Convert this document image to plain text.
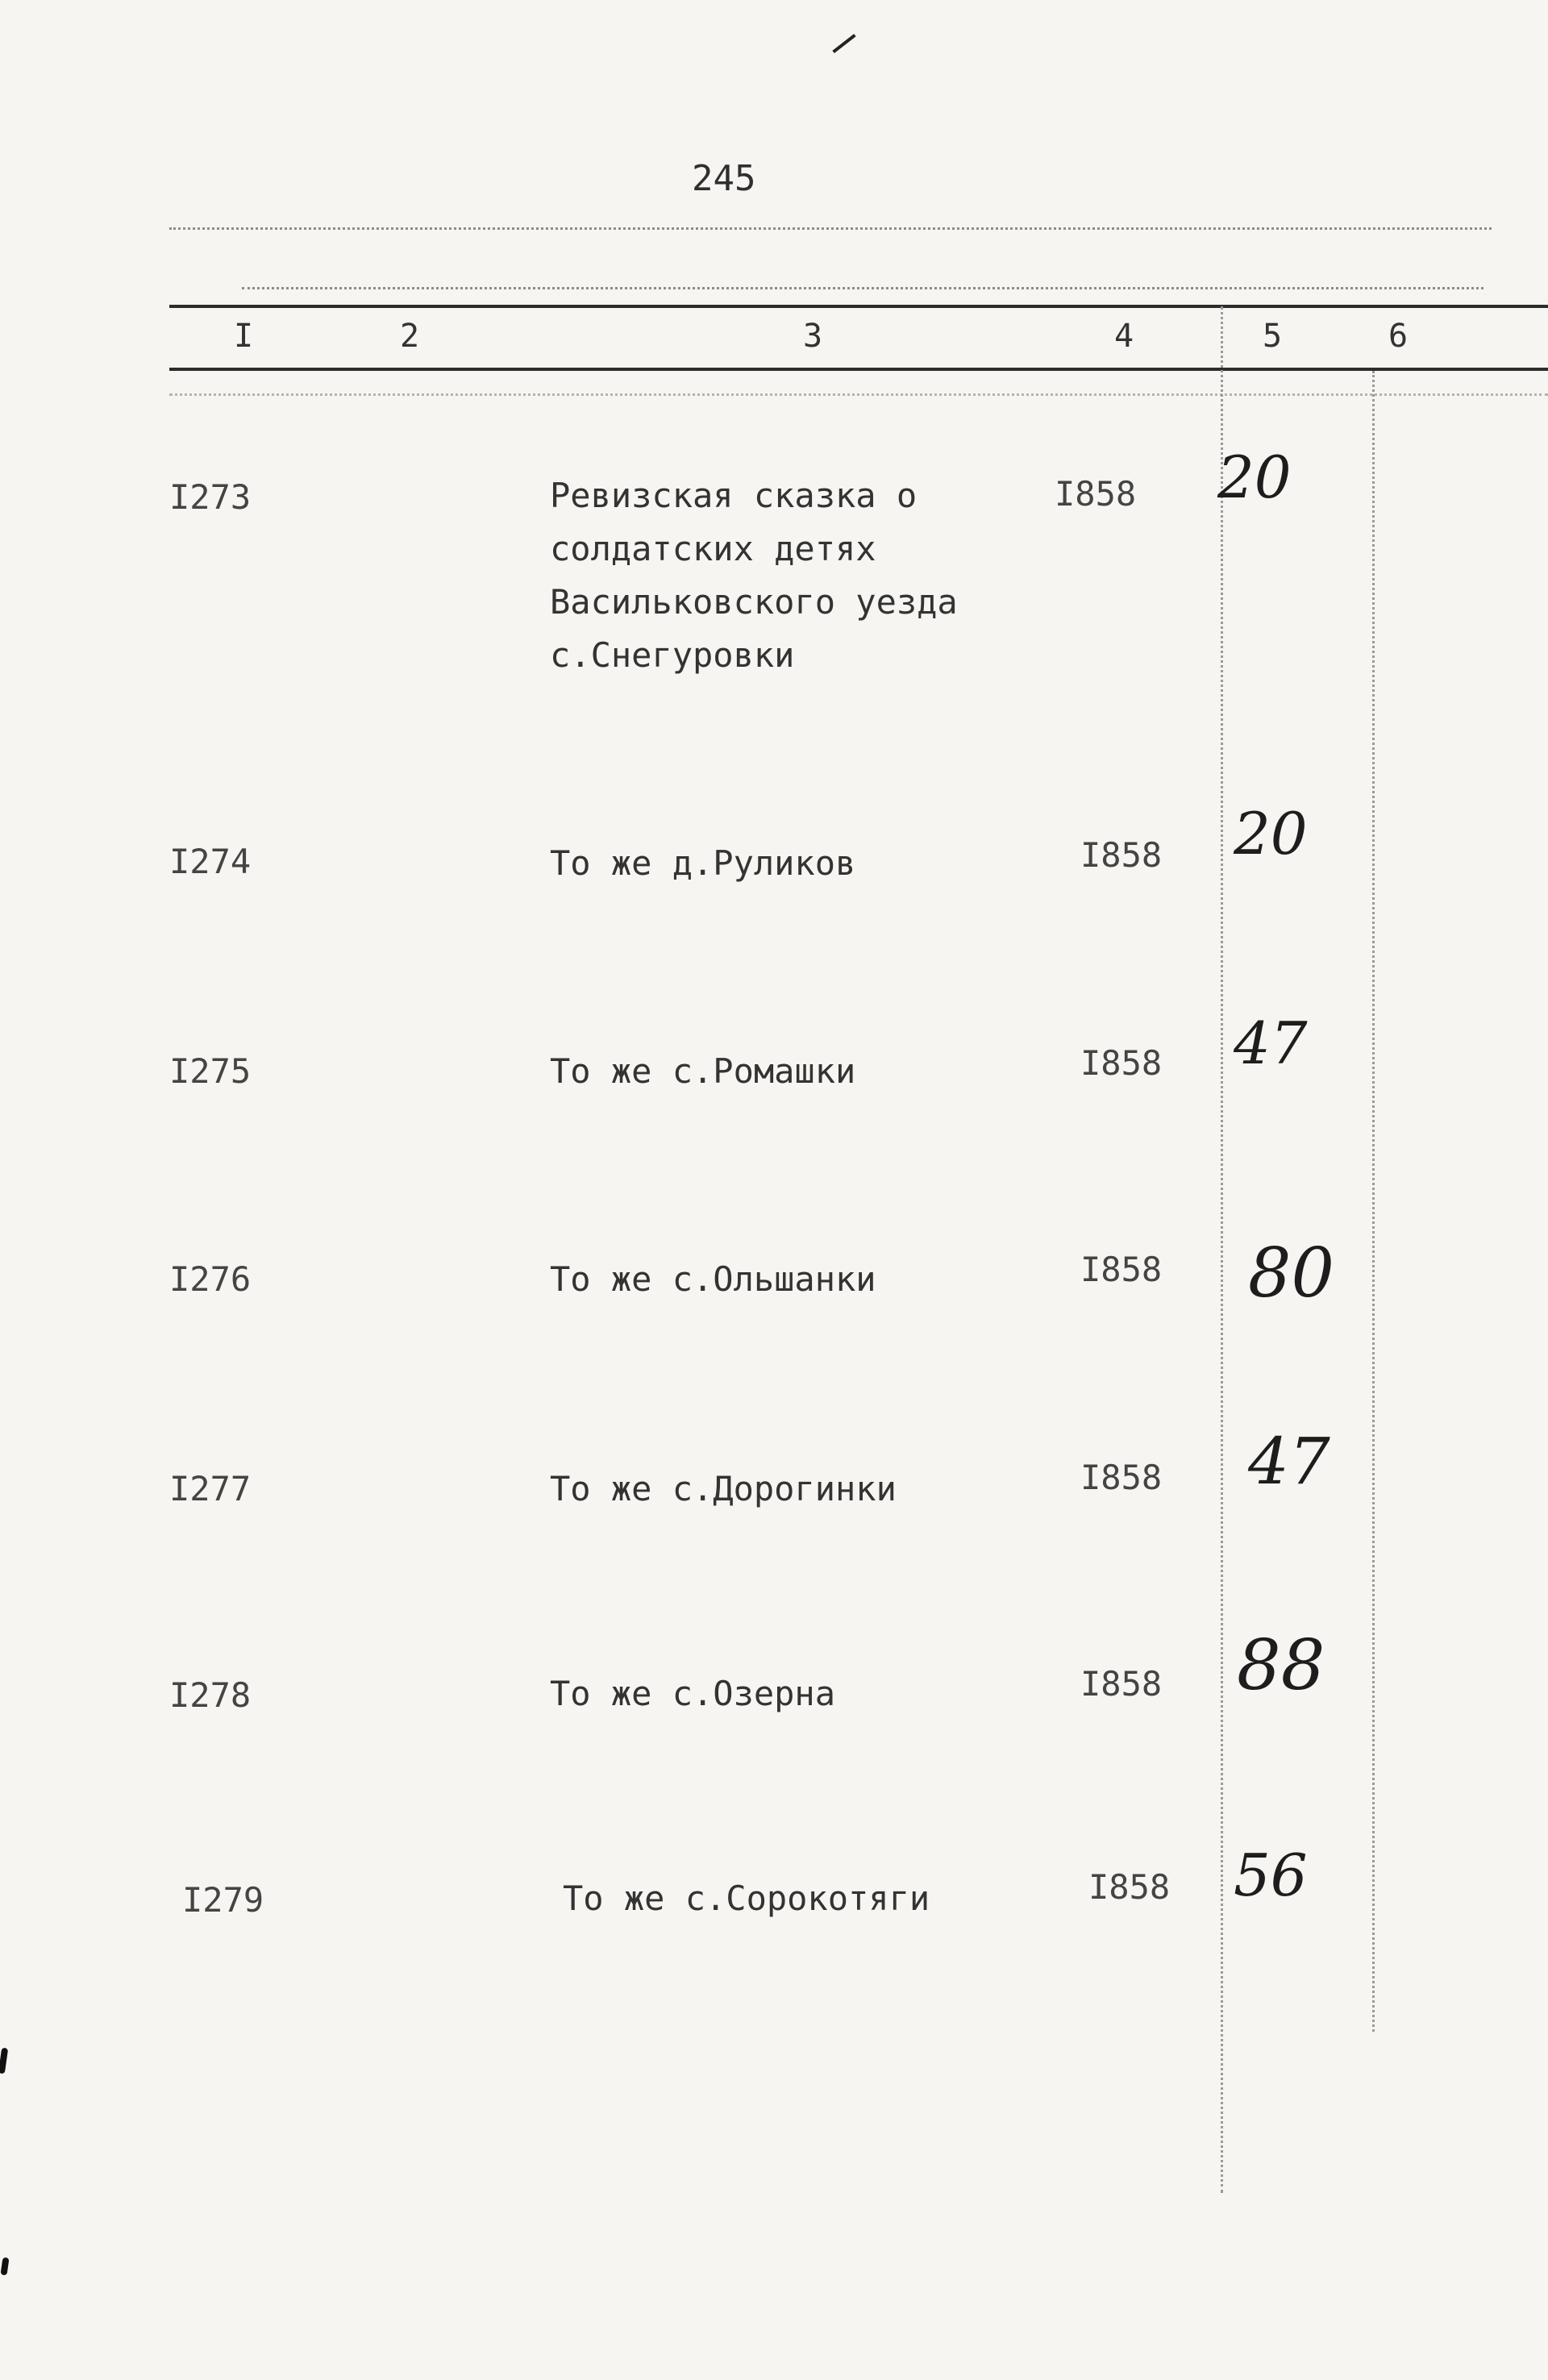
245
I	2	3	4	5	6
I273	Ревизская сказка о
солдатских детях
Васильковского уезда
с.Снегуровки
I858 20
I274	То же д.Руликов	I858 20
I275	То же с.Ромашки	I858 47
I276	То же с.Ольшанки	I858 80
I277	То же с.Дорогинки	I858 47
I278	То же с.Озерна	I858 88
I279	То же с.Сорокотяги	I858 56
